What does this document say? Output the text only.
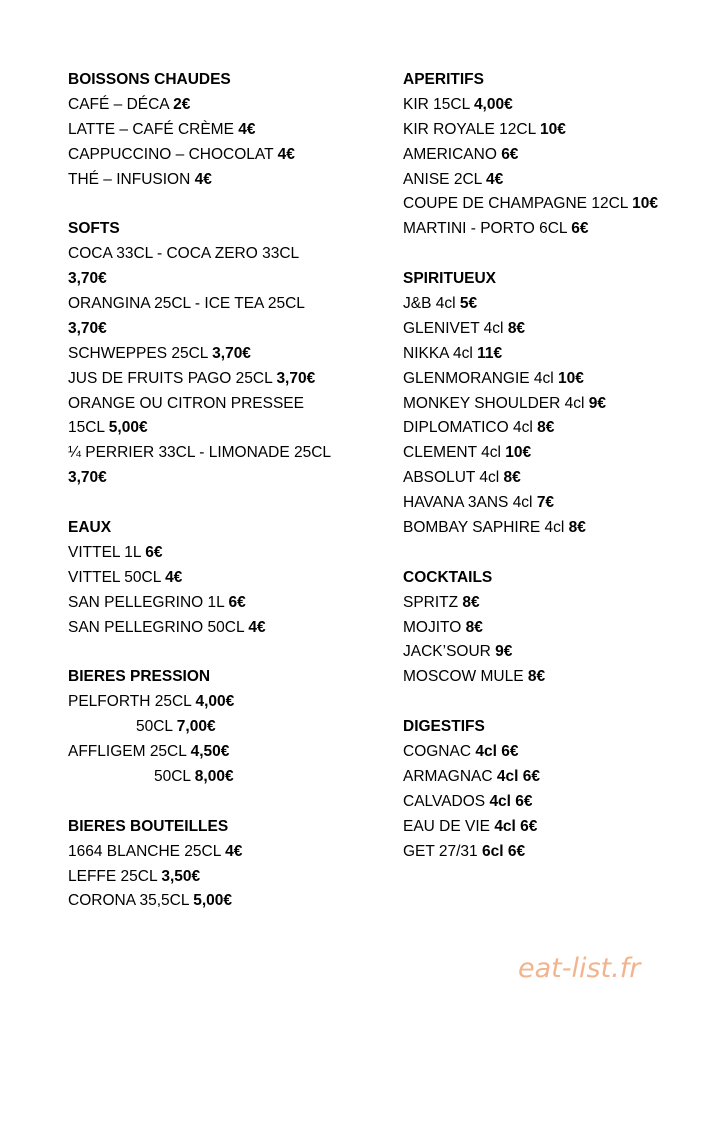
BOISSONS CHAUDES
CAFÉ – DÉCA 2€
LATTE – CAFÉ CRÈME 4€
CAPPUCCINO – CHOCOLAT 4€
THÉ – INFUSION 4€
SOFTS
COCA 33CL - COCA ZERO 33CL
3,70€
ORANGINA 25CL - ICE TEA 25CL
3,70€
SCHWEPPES 25CL 3,70€
JUS DE FRUITS PAGO 25CL 3,70€
ORANGE OU CITRON PRESSEE
15CL 5,00€
¼ PERRIER 33CL - LIMONADE 25CL
3,70€
EAUX
VITTEL 1L 6€
VITTEL 50CL 4€
SAN PELLEGRINO 1L 6€
SAN PELLEGRINO 50CL 4€
BIERES PRESSION
PELFORTH 25CL 4,00€
50CL 7,00€
AFFLIGEM 25CL 4,50€
50CL 8,00€
BIERES BOUTEILLES
1664 BLANCHE 25CL 4€
LEFFE 25CL 3,50€
CORONA 35,5CL 5,00€
APERITIFS
KIR 15CL 4,00€
KIR ROYALE 12CL 10€
AMERICANO 6€
ANISE 2CL 4€
COUPE DE CHAMPAGNE 12CL 10€
MARTINI - PORTO 6CL 6€
SPIRITUEUX
J&B 4cl 5€
GLENIVET 4cl 8€
NIKKA 4cl 11€
GLENMORANGIE 4cl 10€
MONKEY SHOULDER 4cl 9€
DIPLOMATICO 4cl 8€
CLEMENT 4cl 10€
ABSOLUT 4cl 8€
HAVANA 3ANS 4cl 7€
BOMBAY SAPHIRE 4cl 8€
COCKTAILS
SPRITZ 8€
MOJITO 8€
JACK’SOUR 9€
MOSCOW MULE 8€
DIGESTIFS
COGNAC 4cl 6€
ARMAGNAC 4cl 6€
CALVADOS 4cl 6€
EAU DE VIE 4cl 6€
GET 27/31 6cl 6€
eat-list.fr
